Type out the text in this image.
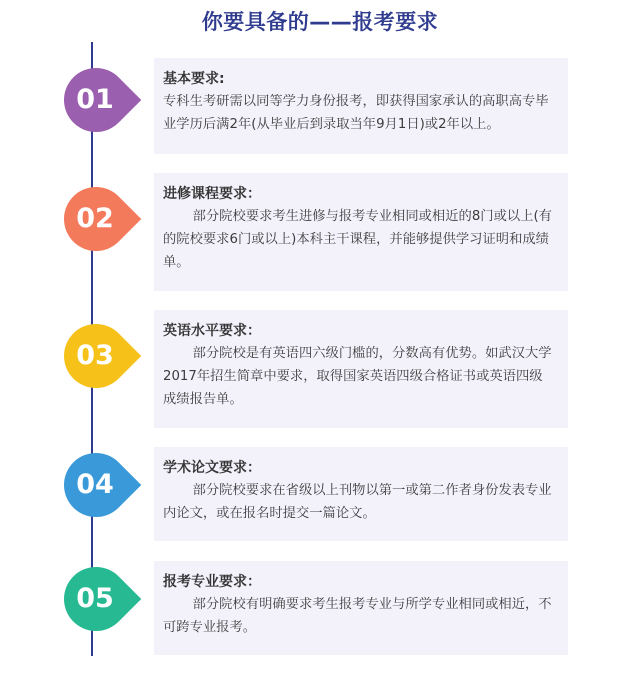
你要具备的——报考要求
01
基本要求:
专科生考研需以同等学力身份报考，即获得国家承认的高职高专毕
业学历后满2年(从毕业后到录取当年9月1日)或2年以上。
02
进修课程要求：
部分院校要求考生进修与报考专业相同或相近的8门或以上(有
的院校要求6门或以上)本科主干课程，并能够提供学习证明和成绩
单。
03
英语水平要求：
部分院校是有英语四六级门槛的，分数高有优势。如武汉大学
2017年招生简章中要求，取得国家英语四级合格证书或英语四级
成绩报告单。
04
学术论文要求：
部分院校要求在省级以上刊物以第一或第二作者身份发表专业
内论文，或在报名时提交一篇论文。
05
报考专业要求：
部分院校有明确要求考生报考专业与所学专业相同或相近，不
可跨专业报考。
